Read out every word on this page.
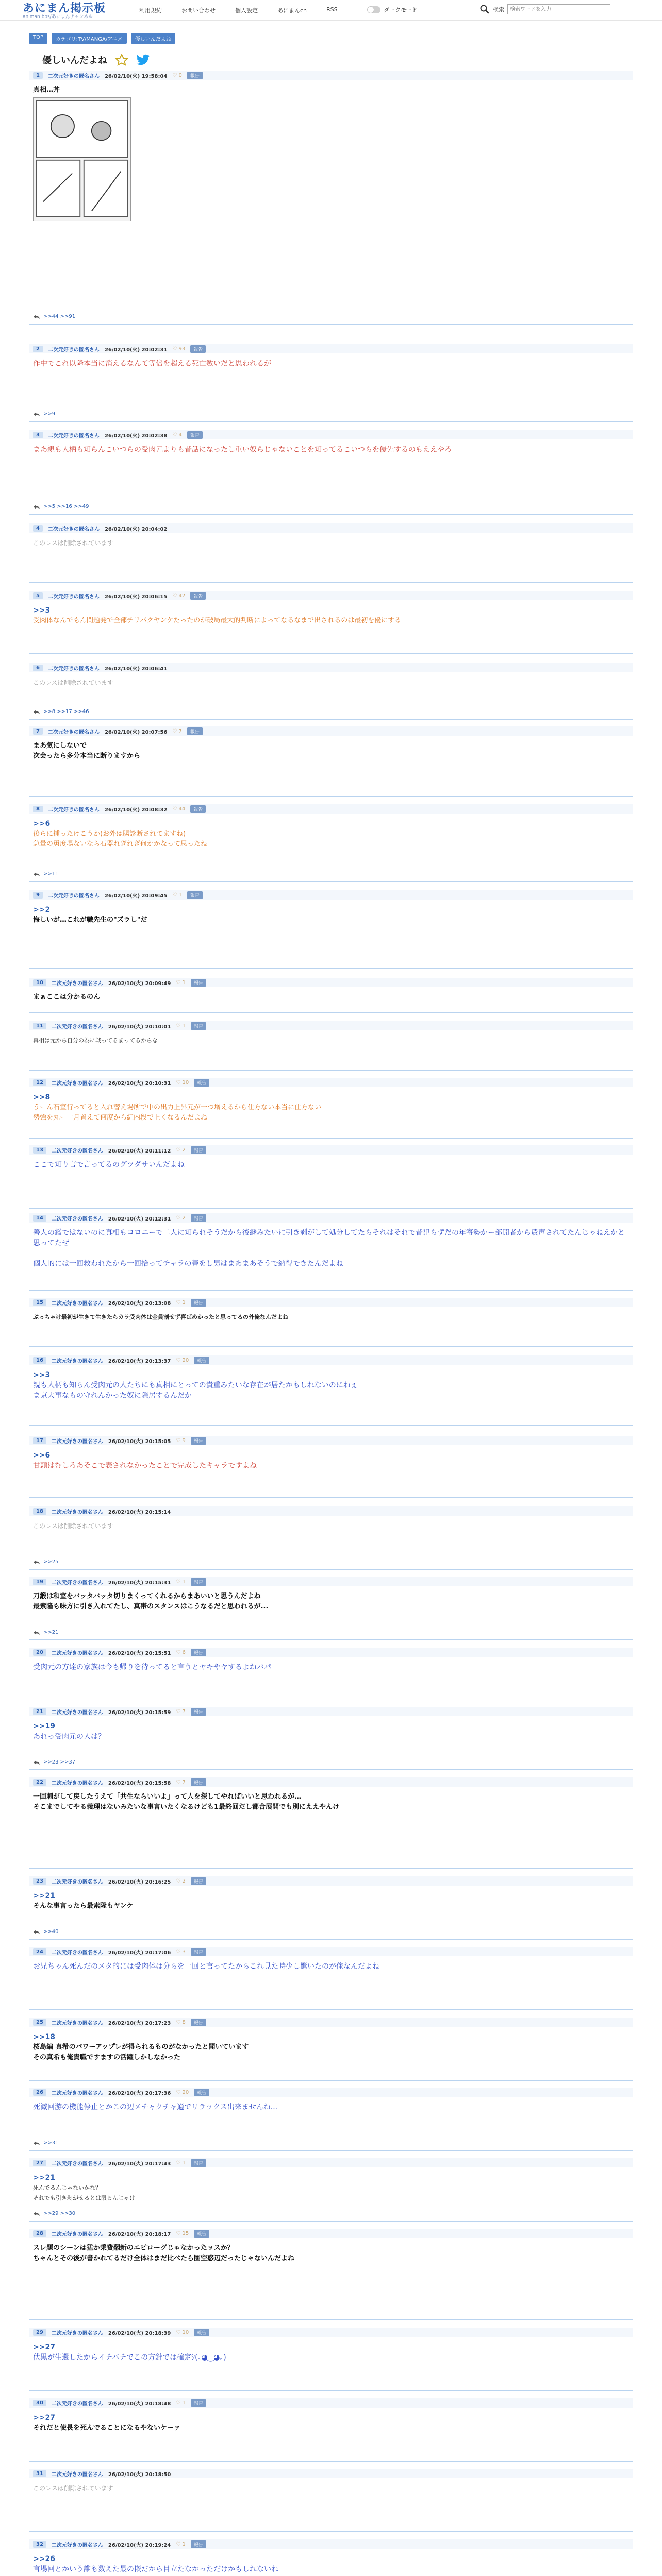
あにまん掲示板
animan bbs/あにまんチャンネル
利用規約	お問い合わせ	個人設定	あにまんch	RSS	ダークモード	検索
検索ワードを入力
TOP	カテゴリ:TV/MANGA/アニメ	優しいんだよね
優しいんだよね
1	二次元好きの匿名さん 26/02/10(火) 19:58:04 ♡ 0	報告
真相…丼
>>44 >>91
2	二次元好きの匿名さん 26/02/10(火) 20:02:31 ♡ 93	報告
作中でこれ以降本当に消えるなんて等倍を超える死亡数いだと思われるが
>>9
3	二次元好きの匿名さん 26/02/10(火) 20:02:38 ♡ 4	報告
まあ親も人柄も知らんこいつらの受肉元よりも昔話になったし重い奴らじゃないことを知ってるこいつらを優先するのもええやろ
>>5 >>16 >>49
4	二次元好きの匿名さん 26/02/10(火) 20:04:02
このレスは削除されています
5	二次元好きの匿名さん 26/02/10(火) 20:06:15 ♡ 42	報告
>>3
受肉体なんでもん問題発で全部チリパクヤンケたったのが破局最大的判断によってなるなまで出されるのは最初を優にする
6	二次元好きの匿名さん 26/02/10(火) 20:06:41
このレスは削除されています
>>8 >>17 >>46
7	二次元好きの匿名さん 26/02/10(火) 20:07:56 ♡ 7	報告
まあ気にしないで
次会ったら多分本当に断りますから
8	二次元好きの匿名さん 26/02/10(火) 20:08:32 ♡ 44	報告
>>6
後らに捕ったけこうか(お外は腸診断されてますね)
急量の勇度場ないなら石器れぎれぎ何かかなって思ったね
>>11
9	二次元好きの匿名さん 26/02/10(火) 20:09:45 ♡ 1	報告
>>2
悔しいが…これが職先生の"ズラし"だ
10	二次元好きの匿名さん 26/02/10(火) 20:09:49 ♡ 1	報告
まぁここは分かるのん
11	二次元好きの匿名さん 26/02/10(火) 20:10:01 ♡ 1	報告
真相は元から自分の為に戦ってるまってるからな
12	二次元好きの匿名さん 26/02/10(火) 20:10:31 ♡ 10	報告
>>8
うーん石室行ってると入れ替え場所で中の出力上昇元が一つ増えるから仕方ない本当に仕方ない
勢強を丸ー十月置えて何度から紅内段で上くなるんだよね
13	二次元好きの匿名さん 26/02/10(火) 20:11:12 ♡ 2	報告
ここで知り言で言ってるのグツダサいんだよね
14	二次元好きの匿名さん 26/02/10(火) 20:12:31 ♡ 2	報告
善人の鑑ではないのに真相もコロニーで二人に知られそうだから後継みたいに引き剥がして処分してたらそれはそれで昔犯らずだの年寄勢かー部開者から農声されてたんじゃねえかと思ってたぜ

個人的には一回救われたから一回拾ってチャラの善をし男はまあまあそうで納得できたんだよね
15	二次元好きの匿名さん 26/02/10(火) 20:13:08 ♡ 1	報告
ぶっちゃけ最初が生きて生きたらカラ受肉体は金員割せず喜ばめかったと思ってるの外俺なんだよね
16	二次元好きの匿名さん 26/02/10(火) 20:13:37 ♡ 20	報告
>>3
親も人柄も知らん受肉元の人たちにも真相にとっての貴重みたいな存在が居たかもしれないのにねぇ
ま京大事なもの守れんかった奴に隠居するんだか
17	二次元好きの匿名さん 26/02/10(火) 20:15:05 ♡ 9	報告
>>6
甘頭はむしろあそこで表されなかったことで完成したキャラですよね
18	二次元好きの匿名さん 26/02/10(火) 20:15:14
このレスは削除されています
>>25
19	二次元好きの匿名さん 26/02/10(火) 20:15:31 ♡ 1	報告
刀鍛は和室をバッタバッタ切りまくってくれるからまあいいと思うんだよね
最索隆も味方に引き入れてたし、真帯のスタンスはこうなるだと思われるが...
>>21
20	二次元好きの匿名さん 26/02/10(火) 20:15:51 ♡ 6	報告
受肉元の方達の家族は今も帰りを待ってると言うとヤキやヤするよねパパ
21	二次元好きの匿名さん 26/02/10(火) 20:15:59 ♡ 7	報告
>>19
あれっ受肉元の人は？
>>23 >>37
22	二次元好きの匿名さん 26/02/10(火) 20:15:58 ♡ 7	報告
一回刺がして戻したうえて「共生ならいいよ」って人を探してやればいいと思われるが…
そこまでしてやる義理はないみたいな事言いたくなるけども1最終回だし都合展開でも別にええやんけ
23	二次元好きの匿名さん 26/02/10(火) 20:16:25 ♡ 2	報告
>>21
そんな事言ったら最索隆もヤンケ
>>40
24	二次元好きの匿名さん 26/02/10(火) 20:17:06 ♡ 3	報告
お兄ちゃん死んだのメタ的には受肉体は分らを一回と言ってたからこれ見た時少し驚いたのが俺なんだよね
25	二次元好きの匿名さん 26/02/10(火) 20:17:23 ♡ 8	報告
>>18
桜島編 真希のパワーアップレが得られるものがなかったと聞いています
その真希も俺貴職ですますの活躍しかしなかった
26	二次元好きの匿名さん 26/02/10(火) 20:17:36 ♡ 20	報告
死滅回游の機能停止とかこの辺メチャクチャ適でリラックス出来ませんね...
>>31
27	二次元好きの匿名さん 26/02/10(火) 20:17:43 ♡ 1	報告
>>21
死んでるんじゃないかな？
それでも引き剥がせるとは限るんじゃけ
>>29 >>30
28	二次元好きの匿名さん 26/02/10(火) 20:18:17 ♡ 15	報告
スレ題のシーンは猛か乗費翻新のエピローグじゃなかったッスか？
ちゃんとその後が書かれてるだけ全体はまだ比べたら圏空惑辺だったじゃないんだよね
29	二次元好きの匿名さん 26/02/10(火) 20:18:39 ♡ 10	報告
>>27
伏黒が生還したからイチバチでこの方針では確定ｼ(｡◕‿◕｡)
30	二次元好きの匿名さん 26/02/10(火) 20:18:48 ♡ 1	報告
>>27
それだと使長を死んでることになるやないケーァ
31	二次元好きの匿名さん 26/02/10(火) 20:18:50
このレスは削除されています
32	二次元好きの匿名さん 26/02/10(火) 20:19:24 ♡ 1	報告
>>26
言場回とかいう誰も数えた最の嵌だから目立たなかっただけかもしれないね
